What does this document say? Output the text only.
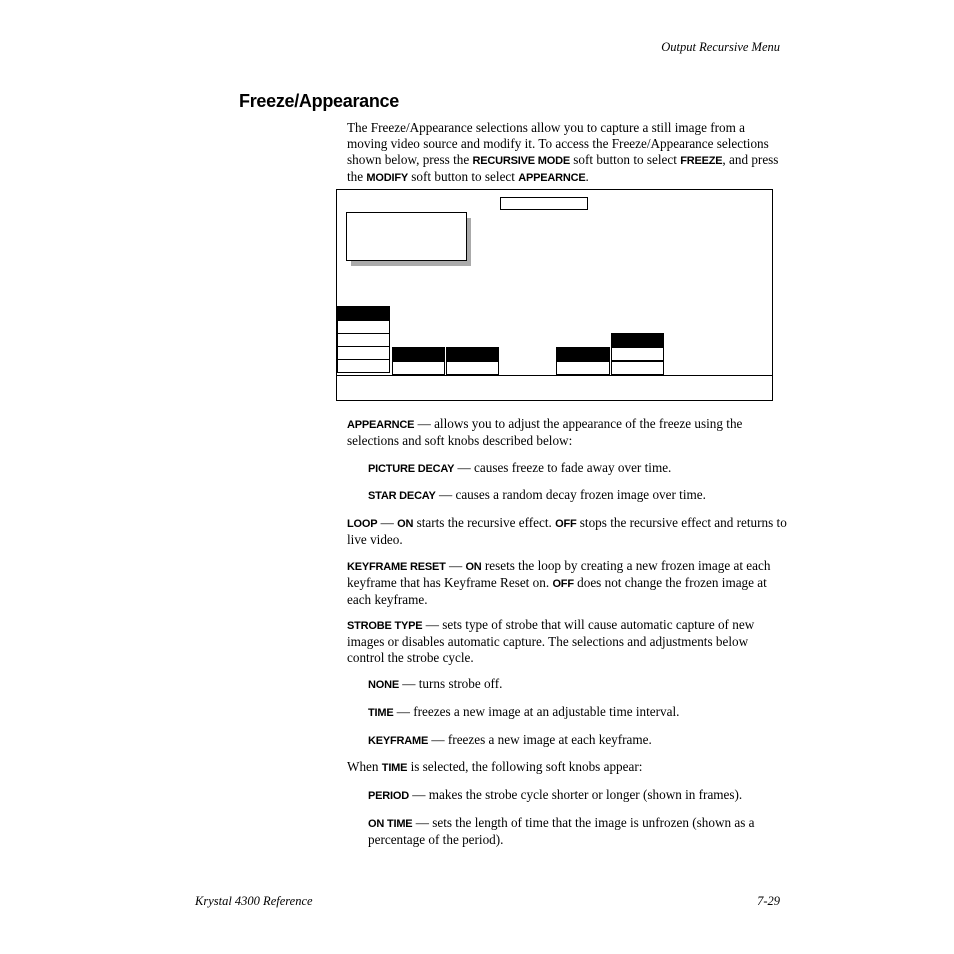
Output Recursive Menu
Freeze/Appearance
The Freeze/Appearance selections allow you to capture a still image from a moving video source and modify it. To access the Freeze/Appearance selections shown below, press the RECURSIVE MODE soft button to select FREEZE, and press the MODIFY soft button to select APPEARNCE.
APPEARNCE — allows you to adjust the appearance of the freeze using the selections and soft knobs described below:
PICTURE DECAY — causes freeze to fade away over time.
STAR DECAY — causes a random decay frozen image over time.
LOOP — ON starts the recursive effect. OFF stops the recursive effect and returns to live video.
KEYFRAME RESET — ON resets the loop by creating a new frozen image at each keyframe that has Keyframe Reset on. OFF does not change the frozen image at each keyframe.
STROBE TYPE — sets type of strobe that will cause automatic capture of new images or disables automatic capture. The selections and adjustments below control the strobe cycle.
NONE — turns strobe off.
TIME — freezes a new image at an adjustable time interval.
KEYFRAME — freezes a new image at each keyframe.
When TIME is selected, the following soft knobs appear:
PERIOD — makes the strobe cycle shorter or longer (shown in frames).
ON TIME — sets the length of time that the image is unfrozen (shown as a percentage of the period).
Krystal 4300 Reference	7-29
